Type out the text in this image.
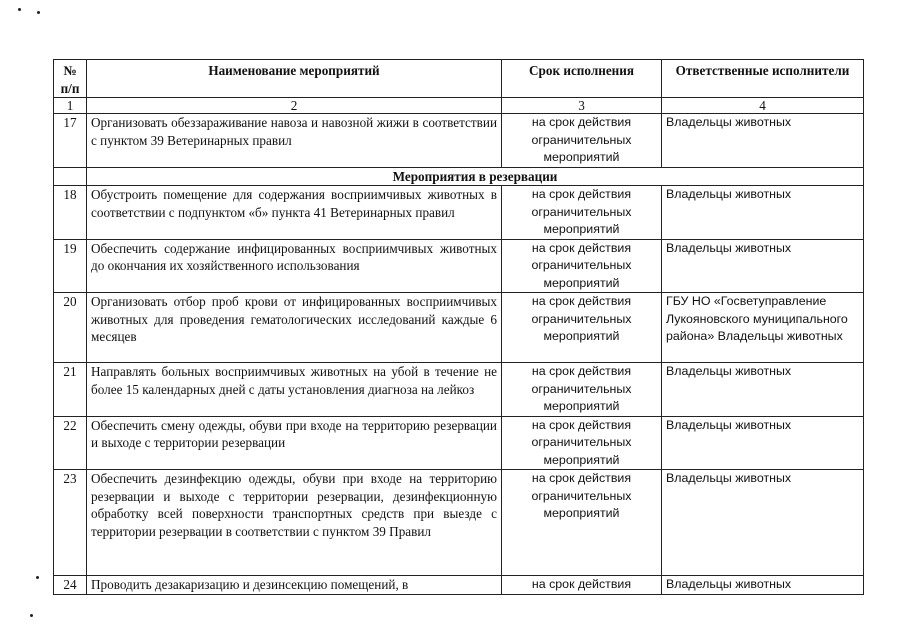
№ п/п	Наименование мероприятий	Срок исполнения	Ответственные исполнители
1	2	3	4
17	Организовать обеззараживание навоза и навозной жижи в соответствии с пунктом 39 Ветеринарных правил	на срок действия ограничительных мероприятий	Владельцы животных
	Мероприятия в резервации		
18	Обустроить помещение для содержания восприимчивых животных в соответствии с подпунктом «б» пункта 41 Ветеринарных правил	на срок действия ограничительных мероприятий	Владельцы животных
19	Обеспечить содержание инфицированных восприимчивых животных до окончания их хозяйственного использования	на срок действия ограничительных мероприятий	Владельцы животных
20	Организовать отбор проб крови от инфицированных восприимчивых животных для проведения гематологических исследований каждые 6 месяцев	на срок действия ограничительных мероприятий	ГБУ НО «Госветуправление Лукояновского муниципального района» Владельцы животных
21	Направлять больных восприимчивых животных на убой в течение не более 15 календарных дней с даты установления диагноза на лейкоз	на срок действия ограничительных мероприятий	Владельцы животных
22	Обеспечить смену одежды, обуви при входе на территорию резервации и выходе с территории резервации	на срок действия ограничительных мероприятий	Владельцы животных
23	Обеспечить дезинфекцию одежды, обуви при входе на территорию резервации и выходе с территории резервации, дезинфекционную обработку всей поверхности транспортных средств при выезде с территории резервации в соответствии с пунктом 39 Правил	на срок действия ограничительных мероприятий	Владельцы животных
24	Проводить дезакаризацию и дезинсекцию помещений, в	на срок действия	Владельцы животных
